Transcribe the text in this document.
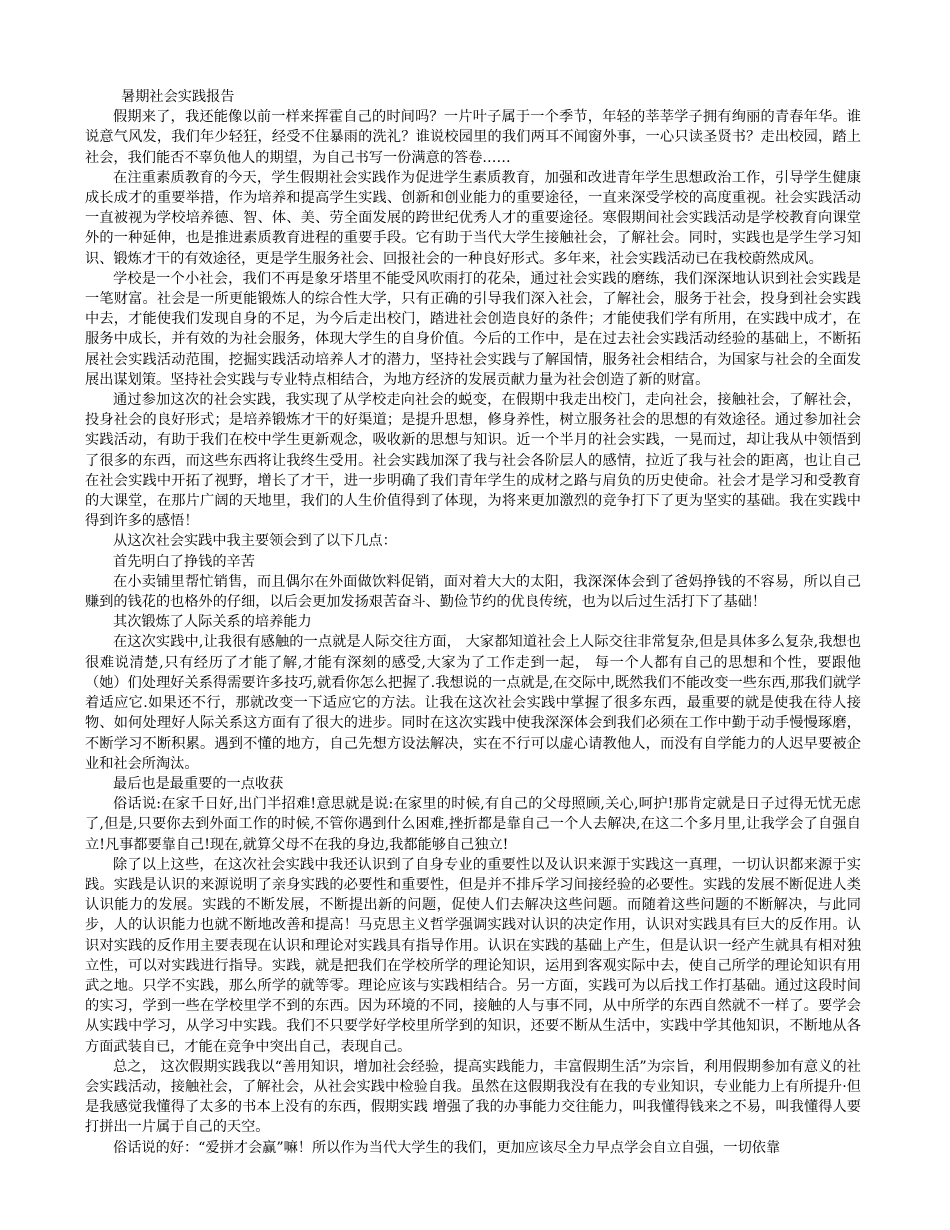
暑期社会实践报告

假期来了，我还能像以前一样来挥霍自己的时间吗？一片叶子属于一个季节，年轻的莘莘学子拥有绚丽的青春年华。谁说意气风发，我们年少轻狂，经受不住暴雨的洗礼？谁说校园里的我们两耳不闻窗外事，一心只读圣贤书？走出校园，踏上社会，我们能否不辜负他人的期望，为自己书写一份满意的答卷……

在注重素质教育的今天，学生假期社会实践作为促进学生素质教育，加强和改进青年学生思想政治工作，引导学生健康成长成才的重要举措，作为培养和提高学生实践、创新和创业能力的重要途径，一直来深受学校的高度重视。社会实践活动一直被视为学校培养德、智、体、美、劳全面发展的跨世纪优秀人才的重要途径。寒假期间社会实践活动是学校教育向课堂外的一种延伸，也是推进素质教育进程的重要手段。它有助于当代大学生接触社会，了解社会。同时，实践也是学生学习知识、锻炼才干的有效途径，更是学生服务社会、回报社会的一种良好形式。多年来，社会实践活动已在我校蔚然成风。

学校是一个小社会，我们不再是象牙塔里不能受风吹雨打的花朵，通过社会实践的磨练，我们深深地认识到社会实践是一笔财富。社会是一所更能锻炼人的综合性大学，只有正确的引导我们深入社会，了解社会，服务于社会，投身到社会实践中去，才能使我们发现自身的不足，为今后走出校门，踏进社会创造良好的条件；才能使我们学有所用，在实践中成才，在服务中成长，并有效的为社会服务，体现大学生的自身价值。今后的工作中，是在过去社会实践活动经验的基础上，不断拓展社会实践活动范围，挖掘实践活动培养人才的潜力，坚持社会实践与了解国情，服务社会相结合，为国家与社会的全面发展出谋划策。坚持社会实践与专业特点相结合，为地方经济的发展贡献力量为社会创造了新的财富。

通过参加这次的社会实践，我实现了从学校走向社会的蜕变，在假期中我走出校门，走向社会，接触社会，了解社会，投身社会的良好形式；是培养锻炼才干的好渠道；是提升思想，修身养性，树立服务社会的思想的有效途径。通过参加社会实践活动，有助于我们在校中学生更新观念，吸收新的思想与知识。近一个半月的社会实践，一晃而过，却让我从中领悟到了很多的东西，而这些东西将让我终生受用。社会实践加深了我与社会各阶层人的感情，拉近了我与社会的距离，也让自己在社会实践中开拓了视野，增长了才干，进一步明确了我们青年学生的成材之路与肩负的历史使命。社会才是学习和受教育的大课堂，在那片广阔的天地里，我们的人生价值得到了体现，为将来更加激烈的竞争打下了更为坚实的基础。我在实践中得到许多的感悟！

从这次社会实践中我主要领会到了以下几点：

首先明白了挣钱的辛苦

在小卖铺里帮忙销售，而且偶尔在外面做饮料促销，面对着大大的太阳，我深深体会到了爸妈挣钱的不容易，所以自己赚到的钱花的也格外的仔细，以后会更加发扬艰苦奋斗、勤俭节约的优良传统，也为以后过生活打下了基础！

其次锻炼了人际关系的培养能力

在这次实践中,让我很有感触的一点就是人际交往方面， 大家都知道社会上人际交往非常复杂,但是具体多么复杂,我想也很难说清楚,只有经历了才能了解,才能有深刻的感受,大家为了工作走到一起， 每一个人都有自己的思想和个性，要跟他（她）们处理好关系得需要许多技巧,就看你怎么把握了.我想说的一点就是,在交际中,既然我们不能改变一些东西,那我们就学着适应它.如果还不行，那就改变一下适应它的方法。让我在这次社会实践中掌握了很多东西，最重要的就是使我在待人接物、如何处理好人际关系这方面有了很大的进步。同时在这次实践中使我深深体会到我们必须在工作中勤于动手慢慢琢磨，不断学习不断积累。遇到不懂的地方，自己先想方设法解决，实在不行可以虚心请教他人，而没有自学能力的人迟早要被企业和社会所淘汰。

最后也是最重要的一点收获

俗话说:在家千日好,出门半招难!意思就是说:在家里的时候,有自己的父母照顾,关心,呵护!那肯定就是日子过得无忧无虑了,但是,只要你去到外面工作的时候,不管你遇到什么困难,挫折都是靠自己一个人去解决,在这二个多月里,让我学会了自强自立!凡事都要靠自己!现在,就算父母不在我的身边,我都能够自己独立!

除了以上这些，在这次社会实践中我还认识到了自身专业的重要性以及认识来源于实践这一真理，一切认识都来源于实践。实践是认识的来源说明了亲身实践的必要性和重要性，但是并不排斥学习间接经验的必要性。实践的发展不断促进人类认识能力的发展。实践的不断发展，不断提出新的问题，促使人们去解决这些问题。而随着这些问题的不断解决，与此同步，人的认识能力也就不断地改善和提高！马克思主义哲学强调实践对认识的决定作用，认识对实践具有巨大的反作用。认识对实践的反作用主要表现在认识和理论对实践具有指导作用。认识在实践的基础上产生，但是认识一经产生就具有相对独立性，可以对实践进行指导。实践，就是把我们在学校所学的理论知识，运用到客观实际中去，使自己所学的理论知识有用武之地。只学不实践，那么所学的就等零。理论应该与实践相结合。另一方面，实践可为以后找工作打基础。通过这段时间的实习，学到一些在学校里学不到的东西。因为环境的不同，接触的人与事不同，从中所学的东西自然就不一样了。要学会从实践中学习，从学习中实践。我们不只要学好学校里所学到的知识，还要不断从生活中，实践中学其他知识，不断地从各方面武装自已，才能在竞争中突出自己，表现自己。

总之， 这次假期实践我以“善用知识，增加社会经验，提高实践能力，丰富假期生活”为宗旨，利用假期参加有意义的社会实践活动，接触社会，了解社会，从社会实践中检验自我。虽然在这假期我没有在我的专业知识，专业能力上有所提升·但是我感觉我懂得了太多的书本上没有的东西，假期实践 增强了我的办事能力交往能力，叫我懂得钱来之不易，叫我懂得人要打拼出一片属于自己的天空。

俗话说的好：“爱拼才会赢”嘛！所以作为当代大学生的我们，更加应该尽全力早点学会自立自强，一切依靠
